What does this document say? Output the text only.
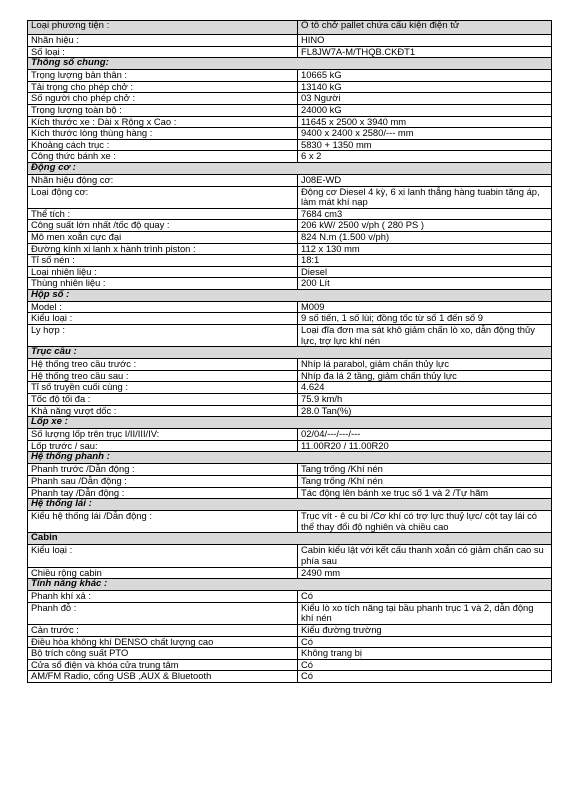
Loại phương tiện :	Ô tô chở pallet chứa cấu kiện điện tử
Nhãn hiệu :	HINO
Số loại :	FL8JW7A-M/THQB.CKĐT1
Thông số chung:	
Trọng lượng bản thân :	10665 kG
Tải trọng cho phép chở :	13140 kG
Số người cho phép chở :	03 Người
Trọng lượng toàn bộ :	24000 kG
Kích thước xe : Dài x Rộng x Cao :	11645 x 2500 x 3940 mm
Kích thước lòng thùng hàng :	9400 x 2400 x 2580/--- mm
Khoảng cách trục :	5830 + 1350 mm
Công thức bánh xe :	6 x 2
Động cơ :	
Nhãn hiệu động cơ:	J08E-WD
Loại động cơ:	Động cơ Diesel 4 kỳ, 6 xi lanh thẳng hàng tuabin tăng áp, làm mát khí nạp
Thể tích :	7684 cm3
Công suất lớn nhất /tốc độ quay :	206 kW/ 2500 v/ph ( 280 PS )
Mô men xoắn cực đại	824 N.m (1.500 v/ph)
Đường kính xi lanh x hành trình piston :	112 x 130 mm
Tỉ số nén :	18:1
Loại nhiên liệu :	Diesel
Thùng nhiên liệu :	200 Lít
Hộp số :	
Model :	M009
Kiểu loại :	9 số tiến, 1 số lùi; đồng tốc từ số 1 đến số 9
Ly hợp :	Loại đĩa đơn ma sát khô giảm chấn lò xo, dẫn động thủy lực, trợ lực khí nén
Trục cầu :	
Hệ thống treo cầu trước :	Nhíp lá parabol, giảm chấn thủy lực
Hệ thống treo cầu sau :	Nhíp đa lá 2 tầng, giảm chấn thủy lực
Tỉ số truyền cuối cùng :	4.624
Tốc độ tối đa :	75.9 km/h
Khả năng vượt dốc :	28.0 Tan(%)
Lốp xe :	
Số lượng lốp trên trục I/II/III/IV:	02/04/---/---/---
Lốp trước / sau:	11.00R20 / 11.00R20
Hệ thống phanh :	
Phanh trước /Dẫn động :	Tang trống /Khí nén
Phanh sau /Dẫn động :	Tang trống /Khí nén
Phanh tay /Dẫn động :	Tác động lên bánh xe trục số 1 và 2 /Tự hãm
Hệ thống lái :	
Kiểu hệ thống lái /Dẫn động :	Trục vít - ê cu bi /Cơ khí có trợ lực thuỷ lực/ cột tay lái có thể thay đổi độ nghiên và chiều cao
Cabin	
Kiểu loại :	Cabin kiểu lật với kết cấu thanh xoắn có giảm chấn cao su phía sau
Chiều rộng cabin	2490 mm
Tính năng khác :	
Phanh khí xả :	Có
Phanh đỗ :	Kiểu lò xo tích năng tại bầu phanh trục 1 và 2, dẫn động khí nén
Cản trước :	Kiểu đường trường
Điều hòa không khí DENSO chất lượng cao	Có
Bộ trích công suất PTO	Không trang bị
Cửa sổ điện và khóa cửa trung tâm	Có
AM/FM Radio, cổng USB ,AUX & Bluetooth	Có
